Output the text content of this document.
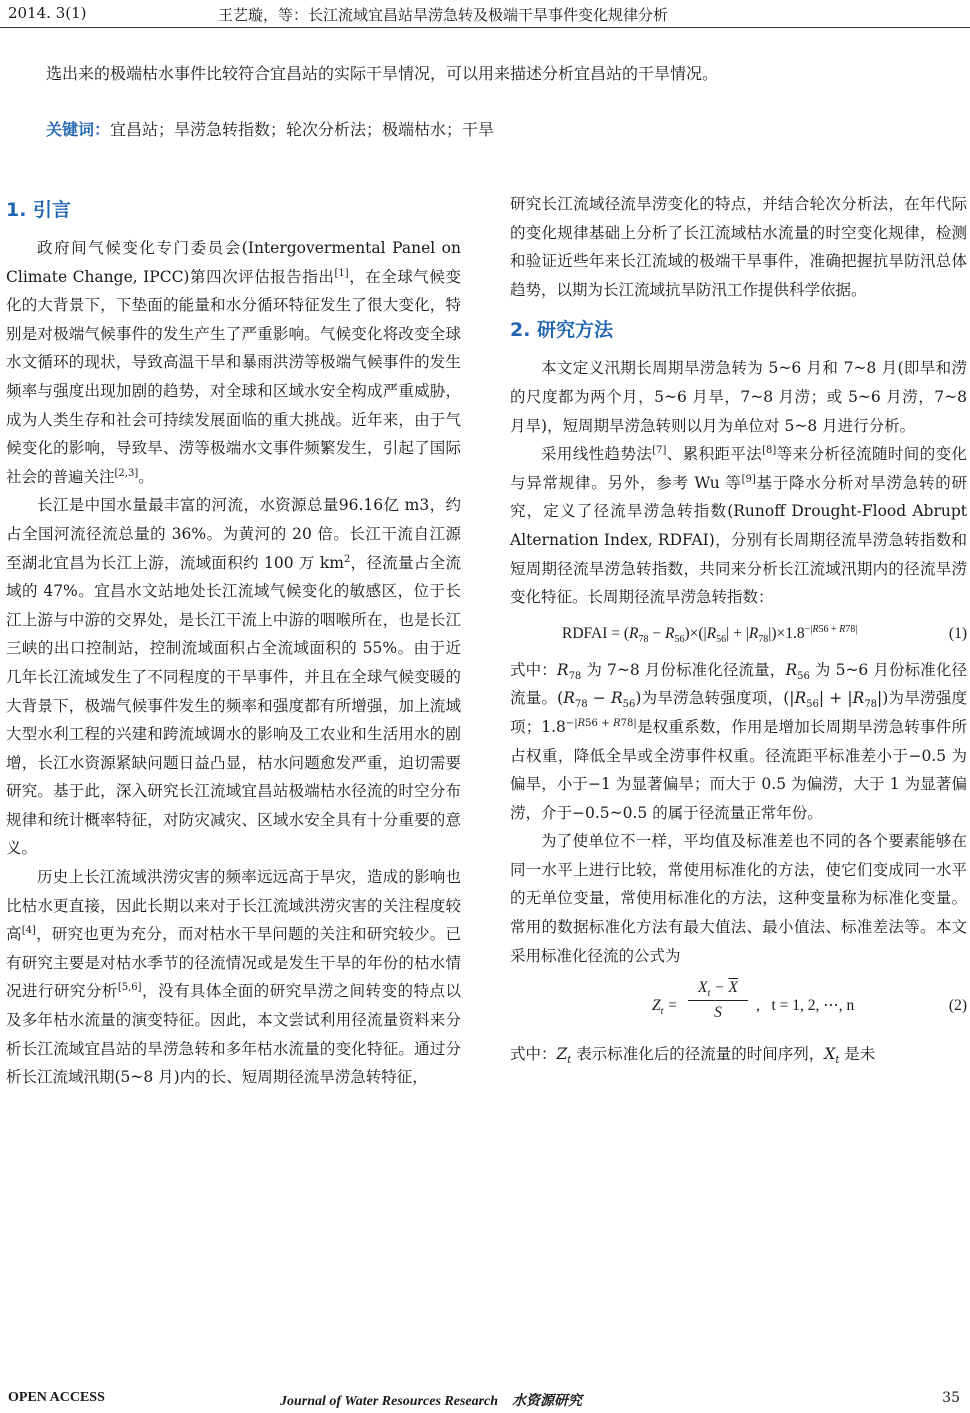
2014. 3(1)	王艺璇，等：长江流域宜昌站旱涝急转及极端干旱事件变化规律分析
选出来的极端枯水事件比较符合宜昌站的实际干旱情况，可以用来描述分析宜昌站的干旱情况。
关键词：宜昌站；旱涝急转指数；轮次分析法；极端枯水；干旱
1. 引言

政府间气候变化专门委员会(Intergovermental Panel on Climate Change, IPCC)第四次评估报告指出[1]，在全球气候变化的大背景下，下垫面的能量和水分循环特征发生了很大变化，特别是对极端气候事件的发生产生了严重影响。气候变化将改变全球水文循环的现状，导致高温干旱和暴雨洪涝等极端气候事件的发生频率与强度出现加剧的趋势，对全球和区域水安全构成严重威胁，成为人类生存和社会可持续发展面临的重大挑战。近年来，由于气候变化的影响，导致旱、涝等极端水文事件频繁发生，引起了国际社会的普遍关注[2,3]。

长江是中国水量最丰富的河流，水资源总量96.16亿 m3，约占全国河流径流总量的 36%。为黄河的 20 倍。长江干流自江源至湖北宜昌为长江上游，流域面积约 100 万 $km^2$，径流量占全流域的 47%。宜昌水文站地处长江流域气候变化的敏感区，位于长江上游与中游的交界处，是长江干流上中游的咽喉所在，也是长江三峡的出口控制站，控制流域面积占全流域面积的 55%。由于近几年长江流域发生了不同程度的干旱事件，并且在全球气候变暖的大背景下，极端气候事件发生的频率和强度都有所增强，加上流域大型水利工程的兴建和跨流域调水的影响及工农业和生活用水的剧增，长江水资源紧缺问题日益凸显，枯水问题愈发严重，迫切需要研究。基于此，深入研究长江流域宜昌站极端枯水径流的时空分布规律和统计概率特征，对防灾减灾、区域水安全具有十分重要的意义。

历史上长江流域洪涝灾害的频率远远高于旱灾，造成的影响也比枯水更直接，因此长期以来对于长江流域洪涝灾害的关注程度较高[4]，研究也更为充分，而对枯水干旱问题的关注和研究较少。已有研究主要是对枯水季节的径流情况或是发生干旱的年份的枯水情况进行研究分析[5,6]，没有具体全面的研究旱涝之间转变的特点以及多年枯水流量的演变特征。因此，本文尝试利用径流量资料来分析长江流域宜昌站的旱涝急转和多年枯水流量的变化特征。通过分析长江流域汛期(5~8 月)内的长、短周期径流旱涝急转特征，

研究长江流域径流旱涝变化的特点，并结合轮次分析法，在年代际的变化规律基础上分析了长江流域枯水流量的时空变化规律，检测和验证近些年来长江流域的极端干旱事件，准确把握抗旱防汛总体趋势，以期为长江流域抗旱防汛工作提供科学依据。

2. 研究方法

本文定义汛期长周期旱涝急转为 5~6 月和 7~8 月(即旱和涝的尺度都为两个月，5~6 月旱，7~8 月涝；或 5~6 月涝，7~8 月旱)，短周期旱涝急转则以月为单位对 5~8 月进行分析。

采用线性趋势法[7]、累积距平法[8]等来分析径流随时间的变化与异常规律。另外，参考 Wu 等[9]基于降水分析对旱涝急转的研究，定义了径流旱涝急转指数(Runoff Drought-Flood Abrupt Alternation Index, RDFAI)，分别有长周期径流旱涝急转指数和短周期径流旱涝急转指数，共同来分析长江流域汛期内的径流旱涝变化特征。长周期径流旱涝急转指数：

RDFAI = $(R_{78} - R_{56})\times(|R_{56}| + |R_{78}|)\times 1.8^{-|R56 + R78|}$	(1)

式中：$R_{78}$ 为 7~8 月份标准化径流量，$R_{56}$ 为 5~6 月份标准化径流量。$(R_{78} - R_{56})$为旱涝急转强度项，$(|R_{56}| + |R_{78}|)$为旱涝强度项；$1.8^{-|R56 + R78|}$是权重系数，作用是增加长周期旱涝急转事件所占权重，降低全旱或全涝事件权重。径流距平标准差小于−0.5 为偏旱，小于−1 为显著偏旱；而大于 0.5 为偏涝，大于 1 为显著偏涝，介于−0.5~0.5 的属于径流量正常年份。

为了使单位不一样，平均值及标准差也不同的各个要素能够在同一水平上进行比较，常使用标准化的方法，使它们变成同一水平的无单位变量，常使用标准化的方法，这种变量称为标准化变量。常用的数据标准化方法有最大值法、最小值法、标准差法等。本文采用标准化径流的公式为

$Z_t = \frac{X_t - \overline{X}}{S}$ ,   t = 1, 2, ⋯, n	(2)

式中：$Z_t$ 表示标准化后的径流量的时间序列，$X_t$ 是未

OPEN ACCESS	Journal of Water Resources Research　水资源研究	35
